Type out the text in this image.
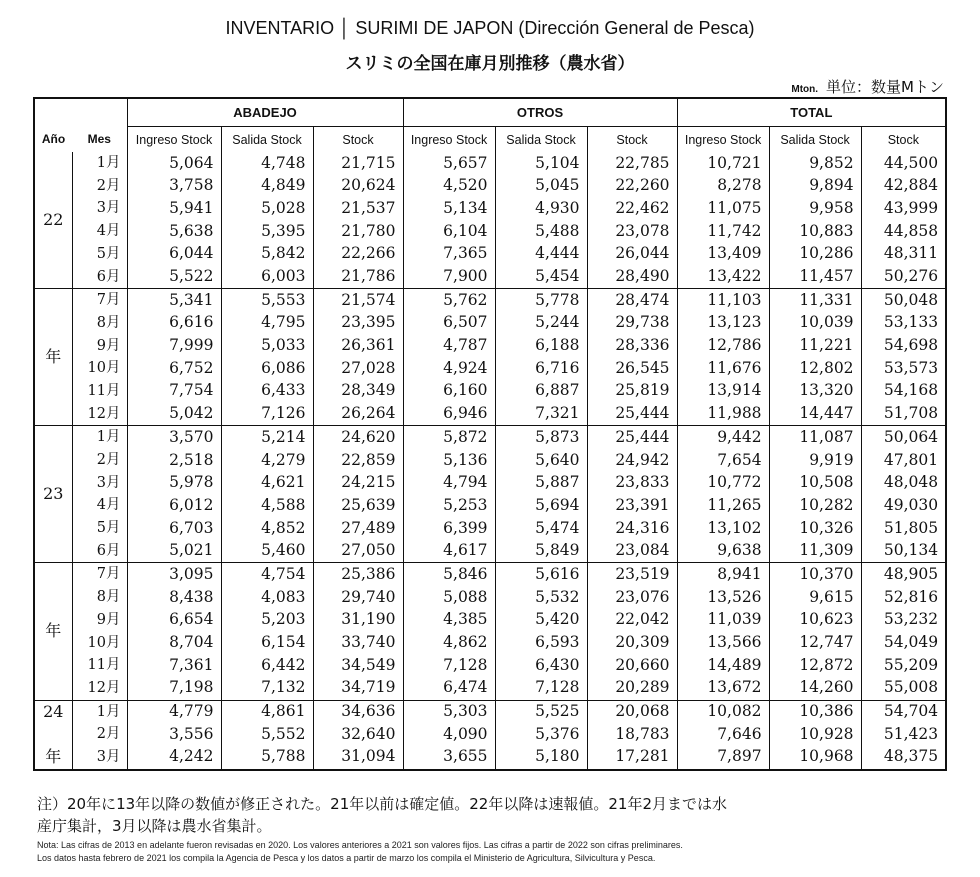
INVENTARIO │ SURIMI DE JAPON (Dirección General de Pesca)
スリミの全国在庫月別推移（農水省）
Mton. 単位：数量Mトン
		ABADEJO			OTROS			TOTAL		
Año	Mes	Ingreso Stock	Salida Stock	Stock	Ingreso Stock	Salida Stock	Stock	Ingreso Stock	Salida Stock	Stock
22	1月	5,064	4,748	21,715	5,657	5,104	22,785	10,721	9,852	44,500
	2月	3,758	4,849	20,624	4,520	5,045	22,260	8,278	9,894	42,884
	3月	5,941	5,028	21,537	5,134	4,930	22,462	11,075	9,958	43,999
	4月	5,638	5,395	21,780	6,104	5,488	23,078	11,742	10,883	44,858
	5月	6,044	5,842	22,266	7,365	4,444	26,044	13,409	10,286	48,311
	6月	5,522	6,003	21,786	7,900	5,454	28,490	13,422	11,457	50,276
年	7月	5,341	5,553	21,574	5,762	5,778	28,474	11,103	11,331	50,048
	8月	6,616	4,795	23,395	6,507	5,244	29,738	13,123	10,039	53,133
	9月	7,999	5,033	26,361	4,787	6,188	28,336	12,786	11,221	54,698
	10月	6,752	6,086	27,028	4,924	6,716	26,545	11,676	12,802	53,573
	11月	7,754	6,433	28,349	6,160	6,887	25,819	13,914	13,320	54,168
	12月	5,042	7,126	26,264	6,946	7,321	25,444	11,988	14,447	51,708
23	1月	3,570	5,214	24,620	5,872	5,873	25,444	9,442	11,087	50,064
	2月	2,518	4,279	22,859	5,136	5,640	24,942	7,654	9,919	47,801
	3月	5,978	4,621	24,215	4,794	5,887	23,833	10,772	10,508	48,048
	4月	6,012	4,588	25,639	5,253	5,694	23,391	11,265	10,282	49,030
	5月	6,703	4,852	27,489	6,399	5,474	24,316	13,102	10,326	51,805
	6月	5,021	5,460	27,050	4,617	5,849	23,084	9,638	11,309	50,134
年	7月	3,095	4,754	25,386	5,846	5,616	23,519	8,941	10,370	48,905
	8月	8,438	4,083	29,740	5,088	5,532	23,076	13,526	9,615	52,816
	9月	6,654	5,203	31,190	4,385	5,420	22,042	11,039	10,623	53,232
	10月	8,704	6,154	33,740	4,862	6,593	20,309	13,566	12,747	54,049
	11月	7,361	6,442	34,549	7,128	6,430	20,660	14,489	12,872	55,209
	12月	7,198	7,132	34,719	6,474	7,128	20,289	13,672	14,260	55,008
24	1月	4,779	4,861	34,636	5,303	5,525	20,068	10,082	10,386	54,704
	2月	3,556	5,552	32,640	4,090	5,376	18,783	7,646	10,928	51,423
年	3月	4,242	5,788	31,094	3,655	5,180	17,281	7,897	10,968	48,375
注）20年に13年以降の数値が修正された。21年以前は確定値。22年以降は速報値。21年2月までは水
産庁集計，3月以降は農水省集計。
Nota: Las cifras de 2013 en adelante fueron revisadas en 2020. Los valores anteriores a 2021 son valores fijos. Las cifras a partir de 2022 son cifras preliminares.
Los datos hasta febrero de 2021 los compila la Agencia de Pesca y los datos a partir de marzo los compila el Ministerio de Agricultura, Silvicultura y Pesca.
